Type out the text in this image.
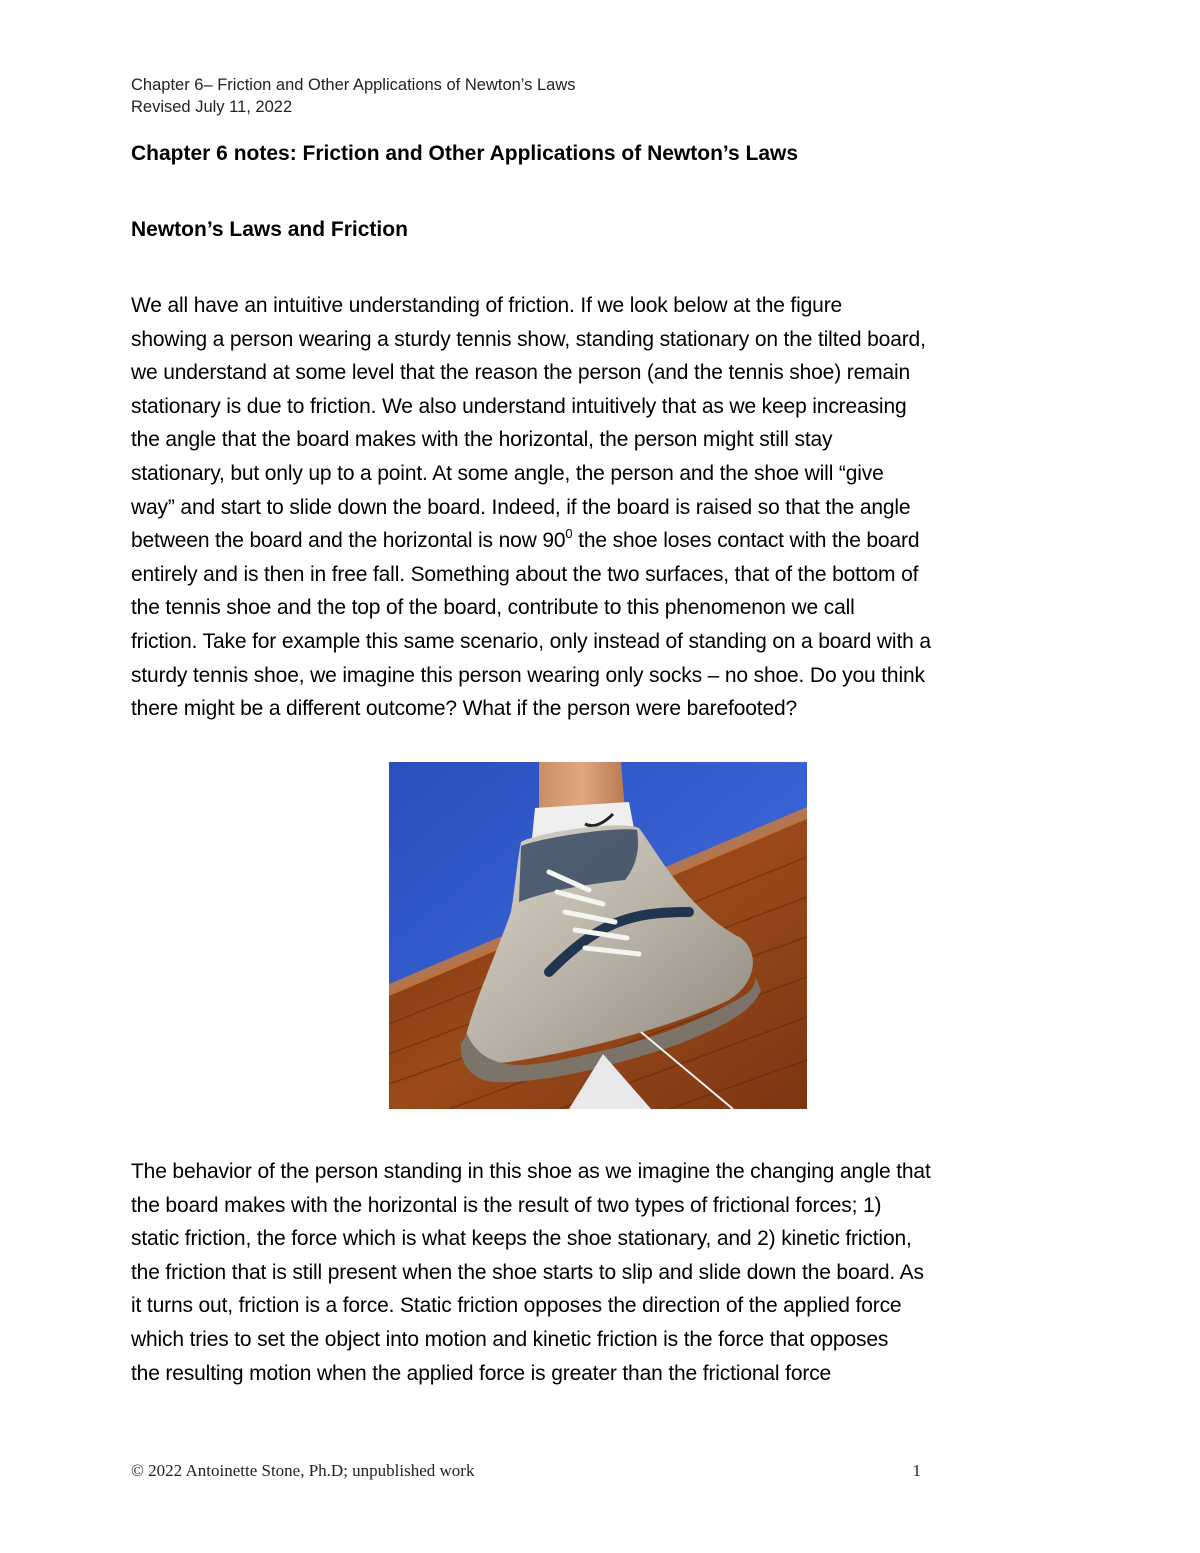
Chapter 6– Friction and Other Applications of Newton’s Laws
Revised July 11, 2022
Chapter 6 notes: Friction and Other Applications of Newton’s Laws
Newton’s Laws and Friction
We all have an intuitive understanding of friction. If we look below at the figure
showing a person wearing a sturdy tennis show, standing stationary on the tilted board,
we understand at some level that the reason the person (and the tennis shoe) remain
stationary is due to friction. We also understand intuitively that as we keep increasing
the angle that the board makes with the horizontal, the person might still stay
stationary, but only up to a point. At some angle, the person and the shoe will “give
way” and start to slide down the board. Indeed, if the board is raised so that the angle
between the board and the horizontal is now $90^0$ the shoe loses contact with the board
entirely and is then in free fall. Something about the two surfaces, that of the bottom of
the tennis shoe and the top of the board, contribute to this phenomenon we call
friction. Take for example this same scenario, only instead of standing on a board with a
sturdy tennis shoe, we imagine this person wearing only socks – no shoe. Do you think
there might be a different outcome? What if the person were barefooted?
The behavior of the person standing in this shoe as we imagine the changing angle that
the board makes with the horizontal is the result of two types of frictional forces; 1)
static friction, the force which is what keeps the shoe stationary, and 2) kinetic friction,
the friction that is still present when the shoe starts to slip and slide down the board. As
it turns out, friction is a force. Static friction opposes the direction of the applied force
which tries to set the object into motion and kinetic friction is the force that opposes
the resulting motion when the applied force is greater than the frictional force
© 2022 Antoinette Stone, Ph.D; unpublished work	1
